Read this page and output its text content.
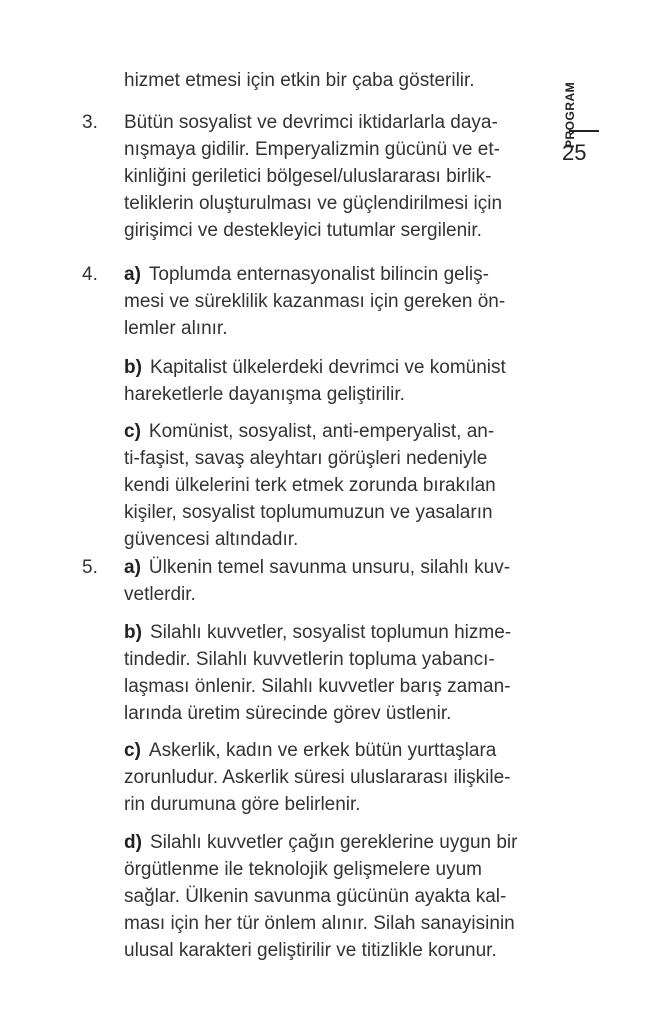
PROGRAM
25
hizmet etmesi için etkin bir çaba gösterilir.
3. Bütün sosyalist ve devrimci iktidarlarla daya-
nışmaya gidilir. Emperyalizmin gücünü ve et-
kinliğini geriletici bölgesel/uluslararası birlik-
teliklerin oluşturulması ve güçlendirilmesi için
girişimci ve destekleyici tutumlar sergilenir.
4. a) Toplumda enternasyonalist bilincin geliş-
mesi ve süreklilik kazanması için gereken ön-
lemler alınır.
b) Kapitalist ülkelerdeki devrimci ve komünist
hareketlerle dayanışma geliştirilir.
c) Komünist, sosyalist, anti-emperyalist, an-
ti-faşist, savaş aleyhtarı görüşleri nedeniyle
kendi ülkelerini terk etmek zorunda bırakılan
kişiler, sosyalist toplumumuzun ve yasaların
güvencesi altındadır.
5. a) Ülkenin temel savunma unsuru, silahlı kuv-
vetlerdir.
b) Silahlı kuvvetler, sosyalist toplumun hizme-
tindedir. Silahlı kuvvetlerin topluma yabancı-
laşması önlenir. Silahlı kuvvetler barış zaman-
larında üretim sürecinde görev üstlenir.
c) Askerlik, kadın ve erkek bütün yurttaşlara
zorunludur. Askerlik süresi uluslararası ilişkile-
rin durumuna göre belirlenir.
d) Silahlı kuvvetler çağın gereklerine uygun bir
örgütlenme ile teknolojik gelişmelere uyum
sağlar. Ülkenin savunma gücünün ayakta kal-
ması için her tür önlem alınır. Silah sanayisinin
ulusal karakteri geliştirilir ve titizlikle korunur.
